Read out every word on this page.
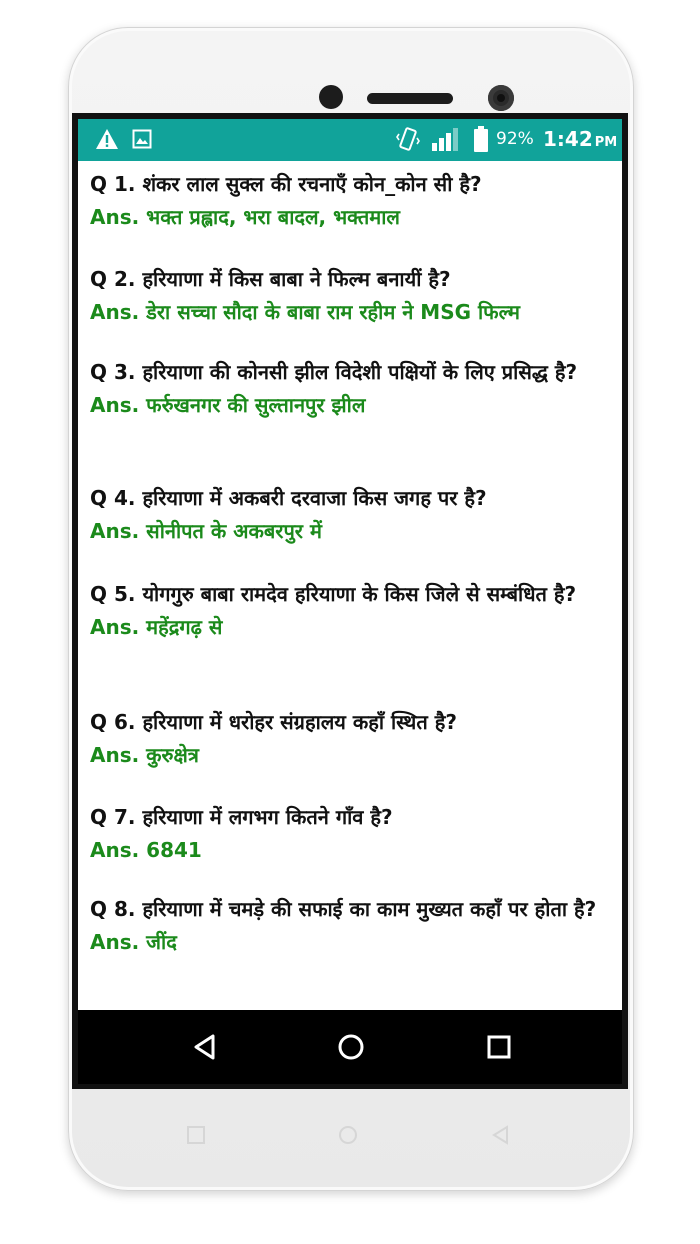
92% 1:42 PM

Q 1. शंकर लाल सुक्ल की रचनाएँ कोन_कोन सी है?

Ans. भक्त प्रह्लाद, भरा बादल, भक्तमाल

Q 2. हरियाणा में किस बाबा ने फिल्म बनायीं है?

Ans. डेरा सच्चा सौदा के बाबा राम रहीम ने MSG फिल्म

Q 3. हरियाणा की कोनसी झील विदेशी पक्षियों के लिए प्रसिद्ध है?

Ans. फर्रुखनगर की सुल्तानपुर झील

Q 4. हरियाणा में अकबरी दरवाजा किस जगह पर है?

Ans. सोनीपत के अकबरपुर में

Q 5. योगगुरु बाबा रामदेव हरियाणा के किस जिले से सम्बंधित है?

Ans. महेंद्रगढ़ से

Q 6. हरियाणा में धरोहर संग्रहालय कहाँ स्थित है?

Ans. कुरुक्षेत्र

Q 7. हरियाणा में लगभग कितने गाँव है?

Ans. 6841

Q 8. हरियाणा में चमड़े की सफाई का काम मुख्यत कहाँ पर होता है?

Ans. जींद
